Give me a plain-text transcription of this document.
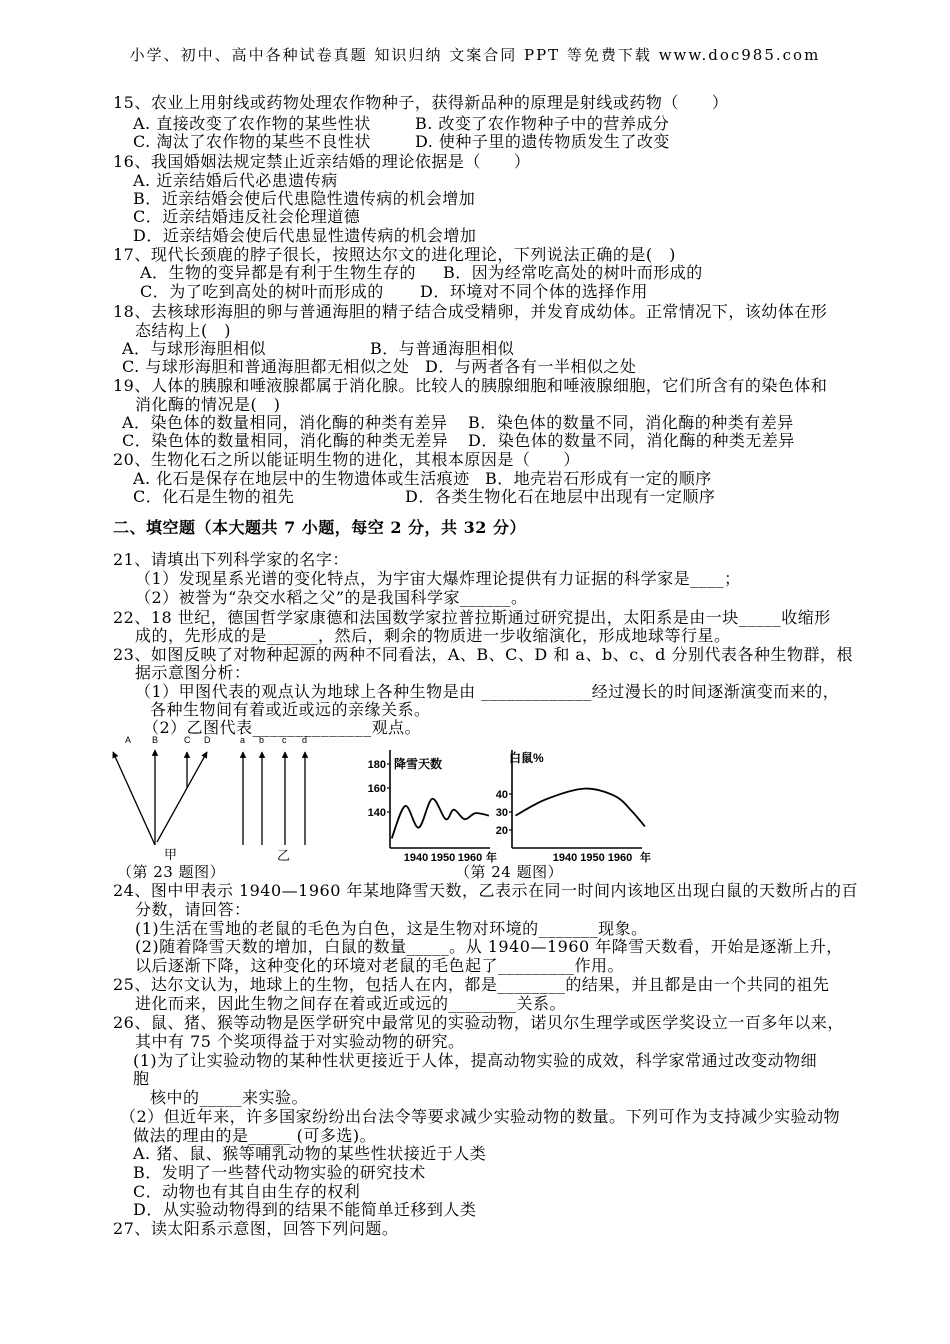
小学、初中、高中各种试卷真题 知识归纳 文案合同 PPT 等免费下载 www.doc985.com
15、农业上用射线或药物处理农作物种子，获得新品种的原理是射线或药物（　　）
A. 直接改变了农作物的某些性状	B. 改变了农作物种子中的营养成分
C. 淘汰了农作物的某些不良性状	D. 使种子里的遗传物质发生了改变
16、我国婚姻法规定禁止近亲结婚的理论依据是（　　）
A. 近亲结婚后代必患遗传病
B．近亲结婚会使后代患隐性遗传病的机会增加
C．近亲结婚违反社会伦理道德
D．近亲结婚会使后代患显性遗传病的机会增加
17、现代长颈鹿的脖子很长，按照达尔文的进化理论，下列说法正确的是(　)
A．生物的变异都是有利于生物生存的 B．因为经常吃高处的树叶而形成的
C．为了吃到高处的树叶而形成的 D．环境对不同个体的选择作用
18、去核球形海胆的卵与普通海胆的精子结合成受精卵，并发育成幼体。正常情况下，该幼体在形
态结构上(　)
A．与球形海胆相似	B．与普通海胆相似
C. 与球形海胆和普通海胆都无相似之处 D．与两者各有一半相似之处
19、人体的胰腺和唾液腺都属于消化腺。比较人的胰腺细胞和唾液腺细胞，它们所含有的染色体和
消化酶的情况是(　)
A．染色体的数量相同，消化酶的种类有差异 B．染色体的数量不同，消化酶的种类有差异
C．染色体的数量相同，消化酶的种类无差异 D．染色体的数量不同，消化酶的种类无差异
20、生物化石之所以能证明生物的进化，其根本原因是（　　）
A. 化石是保存在地层中的生物遗体或生活痕迹 B．地壳岩石形成有一定的顺序
C．化石是生物的祖先	D．各类生物化石在地层中出现有一定顺序
二、填空题（本大题共 7 小题，每空 2 分，共 32 分）
21、请填出下列科学家的名字：
（1）发现星系光谱的变化特点，为宇宙大爆炸理论提供有力证据的科学家是____；
（2）被誉为“杂交水稻之父”的是我国科学家______。
22、18 世纪，德国哲学家康德和法国数学家拉普拉斯通过研究提出，太阳系是由一块_____收缩形
成的，先形成的是______，然后，剩余的物质进一步收缩演化，形成地球等行星。
23、如图反映了对物种起源的两种不同看法，A、B、C、D 和 a、b、c、d 分别代表各种生物群，根
据示意图分析：
（1）甲图代表的观点认为地球上各种生物是由 _____________经过漫长的时间逐渐演变而来的，
各种生物间有着或近或远的亲缘关系。
（2）乙图代表______________观点。
A B	C D	a b c d
甲	乙
降雪天数
180
160
140
1940 1950 1960 年
白鼠%
40
30
20
1940 1950 1960 年
（第 23 题图）	（第 24 题图）
24、图中甲表示 1940—1960 年某地降雪天数，乙表示在同一时间内该地区出现白鼠的天数所占的百
分数，请回答：
(1)生活在雪地的老鼠的毛色为白色，这是生物对环境的_______现象。
(2)随着降雪天数的增加，白鼠的数量_____。从 1940—1960 年降雪天数看，开始是逐渐上升，
以后逐渐下降，这种变化的环境对老鼠的毛色起了_________作用。
25、达尔文认为，地球上的生物，包括人在内，都是________的结果，并且都是由一个共同的祖先
进化而来，因此生物之间存在着或近或远的________关系。
26、鼠、猪、猴等动物是医学研究中最常见的实验动物，诺贝尔生理学或医学奖设立一百多年以来，
其中有 75 个奖项得益于对实验动物的研究。
(1)为了让实验动物的某种性状更接近于人体，提高动物实验的成效，科学家常通过改变动物细
胞
核中的_____来实验。
（2）但近年来，许多国家纷纷出台法令等要求减少实验动物的数量。下列可作为支持减少实验动物
做法的理由的是_____ (可多选)。
A. 猪、鼠、猴等哺乳动物的某些性状接近于人类
B．发明了一些替代动物实验的研究技术
C．动物也有其自由生存的权利
D．从实验动物得到的结果不能简单迁移到人类
27、读太阳系示意图，回答下列问题。
